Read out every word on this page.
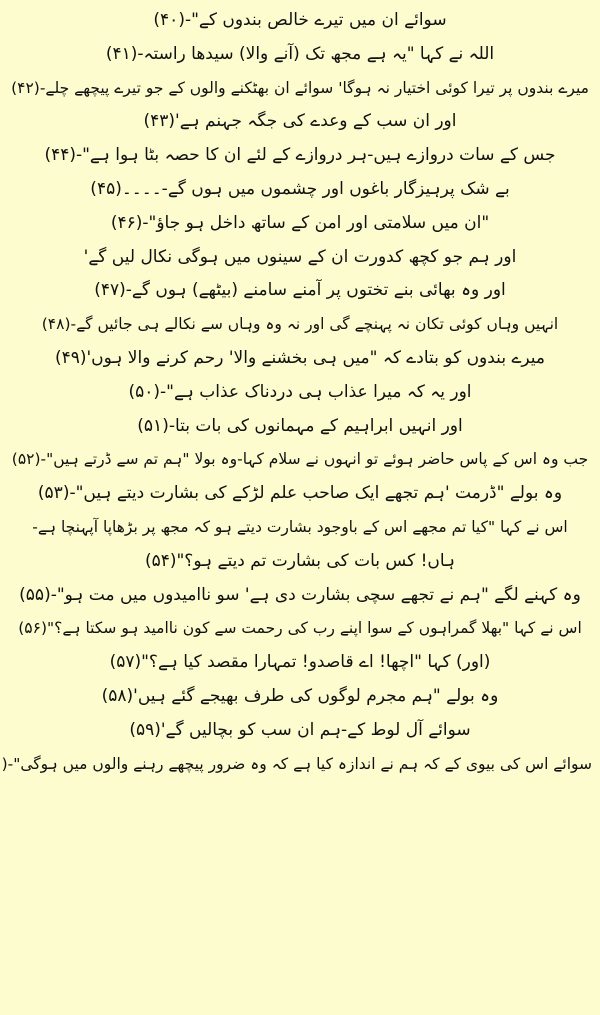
سوائے ان میں تیرے خالص بندوں کے"-(۴۰)
اللہ نے کہا "یہ ہے مجھ تک (آنے والا) سیدھا راستہ-(۴۱)
میرے بندوں پر تیرا کوئی اختیار نہ ہوگا' سوائے ان بھٹکنے والوں کے جو تیرے پیچھے چلے-(۴۲)
اور ان سب کے وعدے کی جگہ جہنم ہے'(۴۳)
جس کے سات دروازے ہیں-ہر دروازے کے لئے ان کا حصہ بٹا ہوا ہے"-(۴۴)
بے شک پرہیزگار باغوں اور چشموں میں ہوں گے-۔۔۔۔(۴۵)
"ان میں سلامتی اور امن کے ساتھ داخل ہو جاؤ"-(۴۶)
اور ہم جو کچھ کدورت ان کے سینوں میں ہوگی نکال لیں گے'
اور وہ بھائی بنے تختوں پر آمنے سامنے (بیٹھے) ہوں گے-(۴۷)
انہیں وہاں کوئی تکان نہ پہنچے گی اور نہ وہ وہاں سے نکالے ہی جائیں گے-(۴۸)
میرے بندوں کو بتادے کہ "میں ہی بخشنے والا' رحم کرنے والا ہوں'(۴۹)
اور یہ کہ میرا عذاب ہی دردناک عذاب ہے"-(۵۰)
اور انہیں ابراہیم کے مہمانوں کی بات بتا-(۵۱)
جب وہ اس کے پاس حاضر ہوئے تو انہوں نے سلام کہا-وہ بولا "ہم تم سے ڈرتے ہیں"-(۵۲)
وہ بولے "ڈرمت 'ہم تجھے ایک صاحب علم لڑکے کی بشارت دیتے ہیں"-(۵۳)
اس نے کہا "کیا تم مجھے اس کے باوجود بشارت دیتے ہو کہ مجھ پر بڑھاپا آپہنچا ہے-
ہاں! کس بات کی بشارت تم دیتے ہو؟"(۵۴)
وہ کہنے لگے "ہم نے تجھے سچی بشارت دی ہے' سو ناامیدوں میں مت ہو"-(۵۵)
اس نے کہا "بھلا گمراہوں کے سوا اپنے رب کی رحمت سے کون ناامید ہو سکتا ہے؟"(۵۶)
(اور) کہا "اچھا! اے قاصدو! تمہارا مقصد کیا ہے؟"(۵۷)
وہ بولے "ہم مجرم لوگوں کی طرف بھیجے گئے ہیں'(۵۸)
سوائے آل لوط کے-ہم ان سب کو بچالیں گے'(۵۹)
سوائے اس کی بیوی کے کہ ہم نے اندازہ کیا ہے کہ وہ ضرور پیچھے رہنے والوں میں ہوگی"-(
